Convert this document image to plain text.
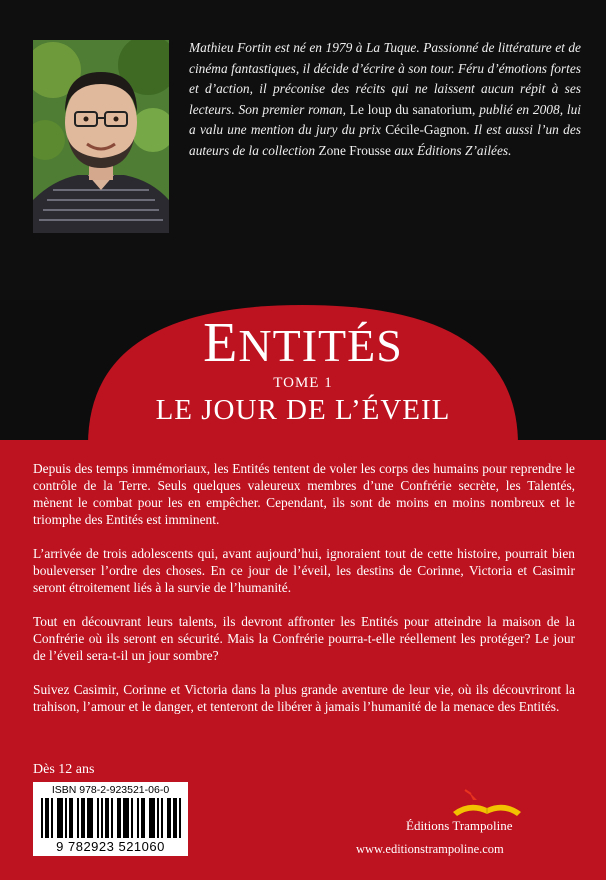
Mathieu Fortin est né en 1979 à La Tuque. Passionné de littérature et de cinéma fantastiques, il décide d’écrire à son tour. Féru d’émotions fortes et d’action, il préconise des récits qui ne laissent aucun répit à ses lecteurs. Son premier roman, Le loup du sanatorium, publié en 2008, lui a valu une mention du jury du prix Cécile-Gagnon. Il est aussi l’un des auteurs de la collection Zone Frousse aux Éditions Z’ailées.

ENTITÉS
TOME 1
LE JOUR DE L’ÉVEIL

Depuis des temps immémoriaux, les Entités tentent de voler les corps des humains pour reprendre le contrôle de la Terre. Seuls quelques valeureux membres d’une Confrérie secrète, les Talentés, mènent le combat pour les en empêcher. Cependant, ils sont de moins en moins nombreux et le triomphe des Entités est imminent.

L’arrivée de trois adolescents qui, avant aujourd’hui, ignoraient tout de cette histoire, pourrait bien bouleverser l’ordre des choses. En ce jour de l’éveil, les destins de Corinne, Victoria et Casimir seront étroitement liés à la survie de l’humanité.

Tout en découvrant leurs talents, ils devront affronter les Entités pour atteindre la maison de la Confrérie où ils seront en sécurité. Mais la Confrérie pourra-t-elle réellement les protéger? Le jour de l’éveil sera-t-il un jour sombre?

Suivez Casimir, Corinne et Victoria dans la plus grande aventure de leur vie, où ils découvriront la trahison, l’amour et le danger, et tenteront de libérer à jamais l’humanité de la menace des Entités.

Dès 12 ans
ISBN 978-2-923521-06-0
9 782923 521060
Éditions Trampoline
www.editionstrampoline.com
